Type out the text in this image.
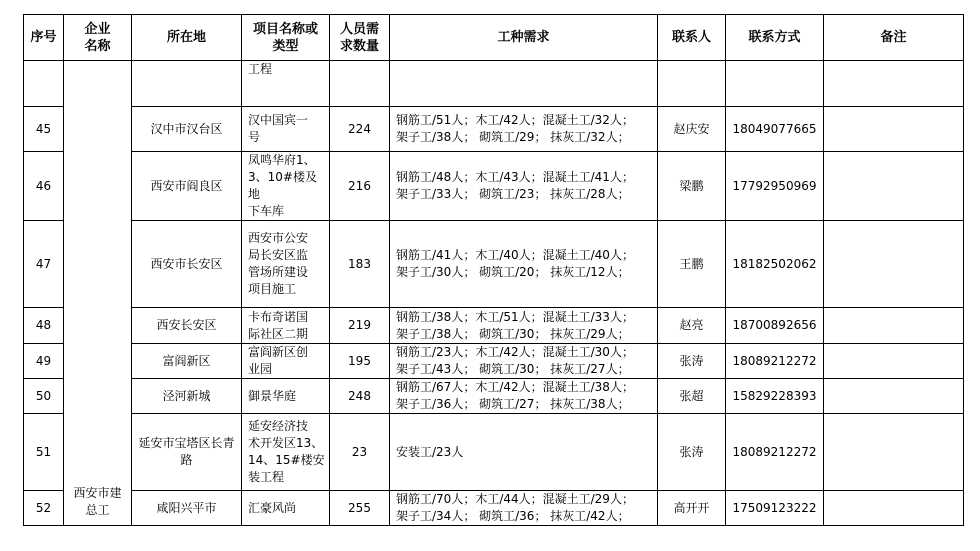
序号	企业名称	所在地	项目名称或类型	人员需求数量	工种需求	联系人	联系方式	备注
	西安市建总工		工程					

45		汉中市汉台区	汉中国宾一
号	224	钢筋工/51人；木工/42人；混凝土工/32人；
架子工/38人； 砌筑工/29； 抹灰工/32人；	赵庆安	18049077665	
46		西安市阎良区	凤鸣华府1、
3、10#楼及地
下车库	216	钢筋工/48人；木工/43人；混凝土工/41人；
架子工/33人； 砌筑工/23； 抹灰工/28人；	梁鹏	17792950969	
47		西安市长安区	西安市公安
局长安区监
管场所建设
项目施工	183	钢筋工/41人；木工/40人；混凝土工/40人；
架子工/30人； 砌筑工/20； 抹灰工/12人；	王鹏	18182502062	
48		西安长安区	卡布奇诺国
际社区二期	219	钢筋工/38人；木工/51人；混凝土工/33人；
架子工/38人； 砌筑工/30； 抹灰工/29人；	赵亮	18700892656	
49		富阎新区	富阎新区创
业园	195	钢筋工/23人；木工/42人；混凝土工/30人；
架子工/43人； 砌筑工/30； 抹灰工/27人；	张涛	18089212272	
50		泾河新城	御景华庭	248	钢筋工/67人；木工/42人；混凝土工/38人；
架子工/36人； 砌筑工/27； 抹灰工/38人；	张超	15829228393	
51		延安市宝塔区长青路	延安经济技
术开发区13、
14、15#楼安
装工程	23	安装工/23人	张涛	18089212272	
52		咸阳兴平市	汇豪风尚	255	钢筋工/70人；木工/44人；混凝土工/29人；
架子工/34人； 砌筑工/36； 抹灰工/42人；	高开开	17509123222	
